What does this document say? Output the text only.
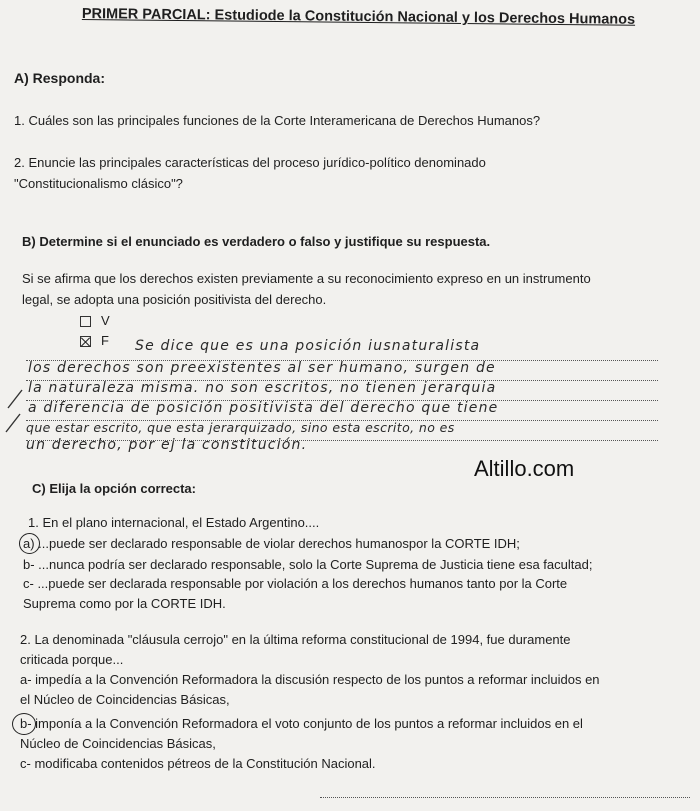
PRIMER PARCIAL: Estudiode la Constitución Nacional y los Derechos Humanos
A) Responda:
1. Cuáles son las principales funciones de la Corte Interamericana de Derechos Humanos?
2. Enuncie las principales características del proceso jurídico-político denominado
"Constitucionalismo clásico"?
B) Determine si el enunciado es verdadero o falso y justifique su respuesta.
Si se afirma que los derechos existen previamente a su reconocimiento expreso en un instrumento
legal, se adopta una posición positivista del derecho.
V
F Se dice que es una posición iusnaturalista
los derechos son preexistentes al ser humano, surgen de
la naturaleza misma. no son escritos, no tienen jerarquia
a diferencia de posición positivista del derecho que tiene
que estar escrito, que esta jerarquizado, sino esta escrito, no es
un derecho, por ej la constitución.
Altillo.com
C) Elija la opción correcta:
1. En el plano internacional, el Estado Argentino....
a) ...puede ser declarado responsable de violar derechos humanospor la CORTE IDH;
b- ...nunca podría ser declarado responsable, solo la Corte Suprema de Justicia tiene esa facultad;
c- ...puede ser declarada responsable por violación a los derechos humanos tanto por la Corte
Suprema como por la CORTE IDH.
2. La denominada "cláusula cerrojo" en la última reforma constitucional de 1994, fue duramente
criticada porque...
a- impedía a la Convención Reformadora la discusión respecto de los puntos a reformar incluidos en
el Núcleo de Coincidencias Básicas,
b- imponía a la Convención Reformadora el voto conjunto de los puntos a reformar incluidos en el
Núcleo de Coincidencias Básicas,
c- modificaba contenidos pétreos de la Constitución Nacional.
